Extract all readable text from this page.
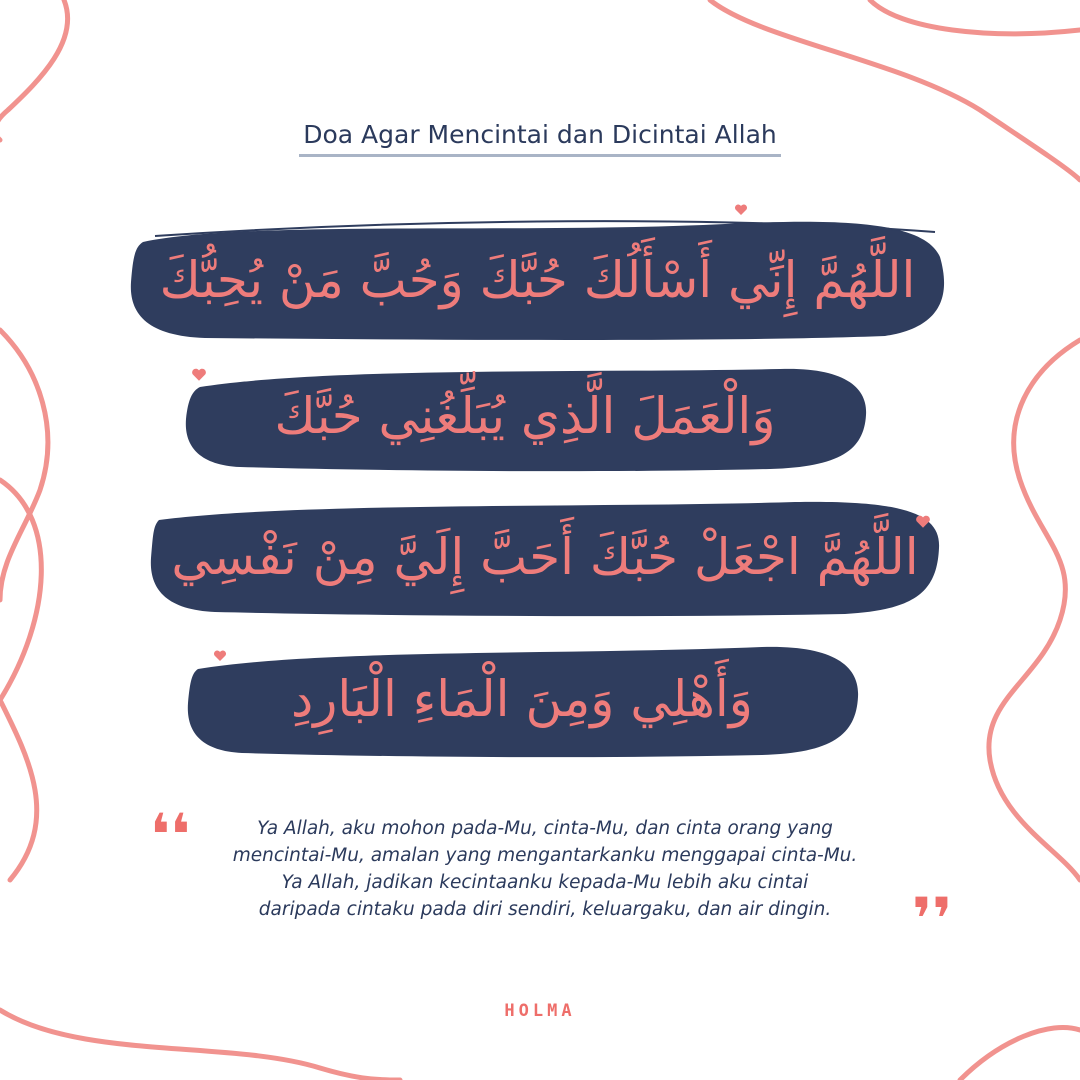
Doa Agar Mencintai dan Dicintai Allah
اللَّهُمَّ إِنِّي أَسْأَلُكَ حُبَّكَ وَحُبَّ مَنْ يُحِبُّكَ
وَالْعَمَلَ الَّذِي يُبَلِّغُنِي حُبَّكَ
اللَّهُمَّ اجْعَلْ حُبَّكَ أَحَبَّ إِلَيَّ مِنْ نَفْسِي
وَأَهْلِي وَمِنَ الْمَاءِ الْبَارِدِ
❛❛	Ya Allah, aku mohon pada-Mu, cinta-Mu, dan cinta orang yang
mencintai-Mu, amalan yang mengantarkanku menggapai cinta-Mu.
Ya Allah, jadikan kecintaanku kepada-Mu lebih aku cintai
daripada cintaku pada diri sendiri, keluargaku, dan air dingin.	❜❜
HOLMA
